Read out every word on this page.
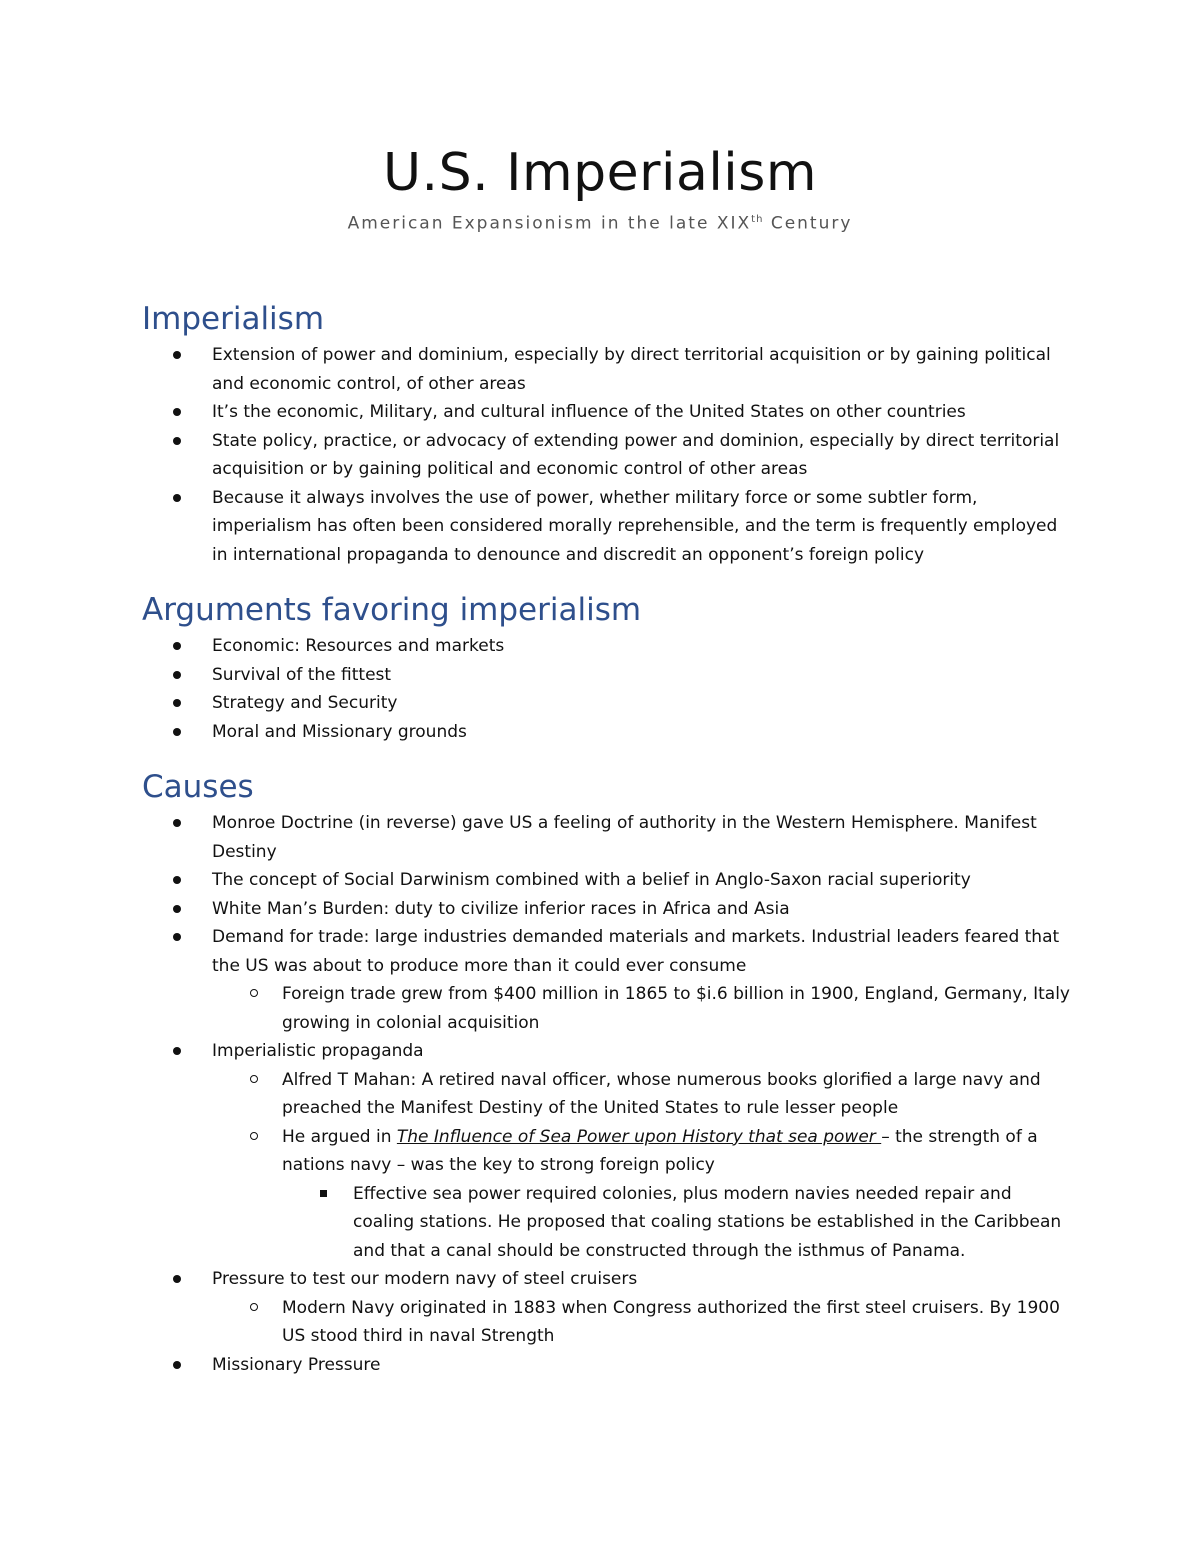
U.S. Imperialism
American Expansionism in the late XIXth Century
Imperialism
Extension of power and dominium, especially by direct territorial acquisition or by gaining political and economic control, of other areas
It’s the economic, Military, and cultural influence of the United States on other countries
State policy, practice, or advocacy of extending power and dominion, especially by direct territorial acquisition or by gaining political and economic control of other areas
Because it always involves the use of power, whether military force or some subtler form, imperialism has often been considered morally reprehensible, and the term is frequently employed in international propaganda to denounce and discredit an opponent’s foreign policy
Arguments favoring imperialism
Economic: Resources and markets
Survival of the fittest
Strategy and Security
Moral and Missionary grounds
Causes
Monroe Doctrine (in reverse) gave US a feeling of authority in the Western Hemisphere. Manifest Destiny
The concept of Social Darwinism combined with a belief in Anglo-Saxon racial superiority
White Man’s Burden: duty to civilize inferior races in Africa and Asia
Demand for trade: large industries demanded materials and markets. Industrial leaders feared that the US was about to produce more than it could ever consume
Foreign trade grew from $400 million in 1865 to $i.6 billion in 1900, England, Germany, Italy growing in colonial acquisition
Imperialistic propaganda
Alfred T Mahan: A retired naval officer, whose numerous books glorified a large navy and preached the Manifest Destiny of the United States to rule lesser people
He argued in The Influence of Sea Power upon History that sea power – the strength of a nations navy – was the key to strong foreign policy
Effective sea power required colonies, plus modern navies needed repair and coaling stations. He proposed that coaling stations be established in the Caribbean and that a canal should be constructed through the isthmus of Panama.
Pressure to test our modern navy of steel cruisers
Modern Navy originated in 1883 when Congress authorized the first steel cruisers. By 1900 US stood third in naval Strength
Missionary Pressure
